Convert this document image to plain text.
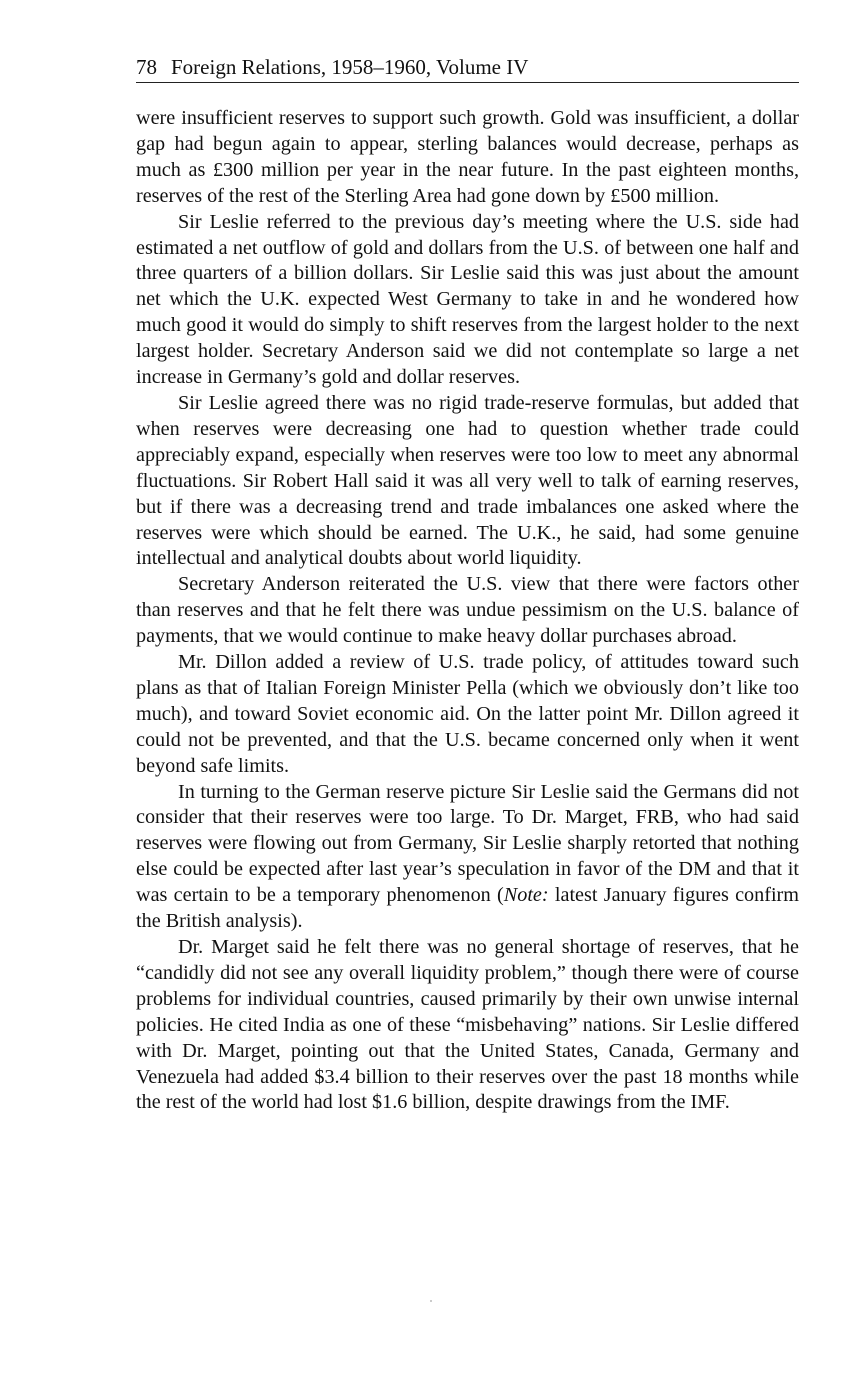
78 Foreign Relations, 1958–1960, Volume IV

were insufficient reserves to support such growth. Gold was insufficient, a dollar gap had begun again to appear, sterling balances would decrease, perhaps as much as £300 million per year in the near future. In the past eighteen months, reserves of the rest of the Sterling Area had gone down by £500 million.

Sir Leslie referred to the previous day’s meeting where the U.S. side had estimated a net outflow of gold and dollars from the U.S. of between one half and three quarters of a billion dollars. Sir Leslie said this was just about the amount net which the U.K. expected West Germany to take in and he wondered how much good it would do simply to shift reserves from the largest holder to the next largest holder. Secretary Anderson said we did not contemplate so large a net increase in Germany’s gold and dollar reserves.

Sir Leslie agreed there was no rigid trade-reserve formulas, but added that when reserves were decreasing one had to question whether trade could appreciably expand, especially when reserves were too low to meet any abnormal fluctuations. Sir Robert Hall said it was all very well to talk of earning reserves, but if there was a decreasing trend and trade imbalances one asked where the reserves were which should be earned. The U.K., he said, had some genuine intellectual and analytical doubts about world liquidity.

Secretary Anderson reiterated the U.S. view that there were factors other than reserves and that he felt there was undue pessimism on the U.S. balance of payments, that we would continue to make heavy dollar purchases abroad.

Mr. Dillon added a review of U.S. trade policy, of attitudes toward such plans as that of Italian Foreign Minister Pella (which we obviously don’t like too much), and toward Soviet economic aid. On the latter point Mr. Dillon agreed it could not be prevented, and that the U.S. became concerned only when it went beyond safe limits.

In turning to the German reserve picture Sir Leslie said the Germans did not consider that their reserves were too large. To Dr. Marget, FRB, who had said reserves were flowing out from Germany, Sir Leslie sharply retorted that nothing else could be expected after last year’s speculation in favor of the DM and that it was certain to be a temporary phenomenon (Note: latest January figures confirm the British analysis).

Dr. Marget said he felt there was no general shortage of reserves, that he “candidly did not see any overall liquidity problem,” though there were of course problems for individual countries, caused primarily by their own unwise internal policies. He cited India as one of these “misbehaving” nations. Sir Leslie differed with Dr. Marget, pointing out that the United States, Canada, Germany and Venezuela had added $3.4 billion to their reserves over the past 18 months while the rest of the world had lost $1.6 billion, despite drawings from the IMF.
